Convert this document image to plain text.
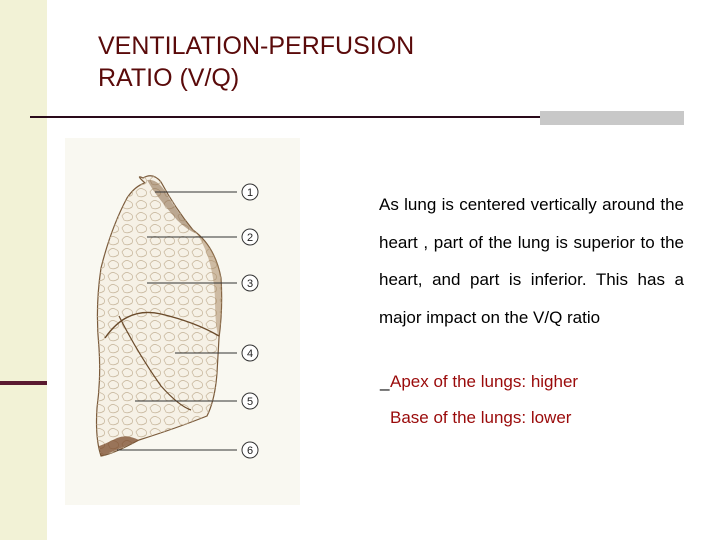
VENTILATION-PERFUSION
RATIO (V/Q)
1
2
3
4
5
6

As lung is centered vertically around the heart , part of the lung is superior to the heart, and part is inferior. This has a major impact on the V/Q ratio

_ Apex of the lungs: higher
Base of the lungs: lower
